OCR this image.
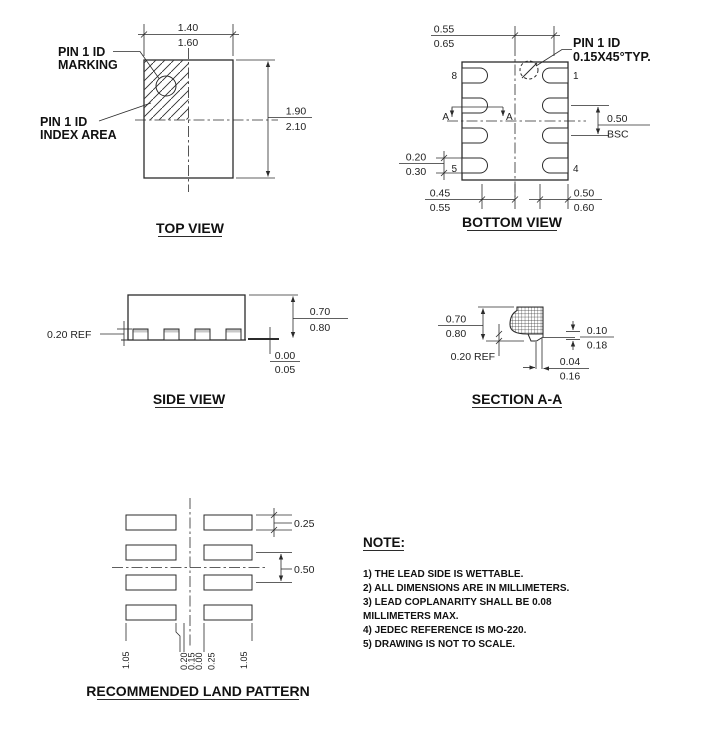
1.40
1.60
1.90
2.10
PIN 1 ID
MARKING
PIN 1 ID
INDEX AREA
TOP VIEW
8	1
5	4
PIN 1 ID
0.15X45°TYP.
A	A
0.55
0.65
0.50
BSC
0.20
0.30
0.45
0.55
0.50
0.60
BOTTOM VIEW
0.20 REF
0.70
0.80
0.00
0.05
SIDE VIEW
0.70
0.80
0.20 REF
0.10
0.18
0.04
0.16
SECTION A-A
0.25
0.50
1.05	0.20
0.15
0.00 0.25	1.05
RECOMMENDED LAND PATTERN
NOTE:
1) THE LEAD SIDE IS WETTABLE.
2) ALL DIMENSIONS ARE IN MILLIMETERS.
3) LEAD COPLANARITY SHALL BE 0.08
MILLIMETERS MAX.
4) JEDEC REFERENCE IS MO-220.
5) DRAWING IS NOT TO SCALE.
